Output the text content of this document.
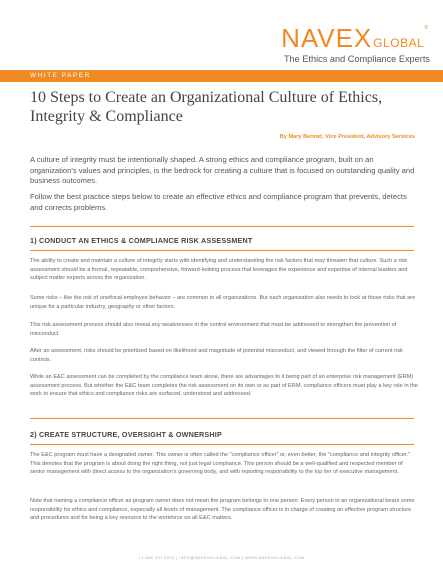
NAVEX GLOBAL
®
The Ethics and Compliance Experts
WHITE PAPER
10 Steps to Create an Organizational Culture of Ethics, Integrity & Compliance
By Mary Bennet, Vice President, Advisory Services

A culture of integrity must be intentionally shaped. A strong ethics and compliance program, built on an organization's values and principles, is the bedrock for creating a culture that is focused on outstanding quality and business outcomes.

Follow the best practice steps below to create an effective ethics and compliance program that prevents, detects and corrects problems.

1) CONDUCT AN ETHICS & COMPLIANCE RISK ASSESSMENT

The ability to create and maintain a culture of integrity starts with identifying and understanding the risk factors that may threaten that culture. Such a risk assessment should be a formal, repeatable, comprehensive, forward-looking process that leverages the experience and expertise of internal leaders and subject matter experts across the organization.

Some risks – like the risk of unethical employee behavior – are common to all organizations. But each organization also needs to look at those risks that are unique for a particular industry, geography or other factors.

This risk assessment process should also reveal any weaknesses in the control environment that must be addressed to strengthen the prevention of misconduct.

After an assessment, risks should be prioritized based on likelihood and magnitude of potential misconduct, and viewed through the filter of current risk controls.

While an E&C assessment can be completed by the compliance team alone, there are advantages to it being part of an enterprise risk management (ERM) assessment process. But whether the E&C team completes the risk assessment on its own or as part of ERM, compliance officers must play a key role in the work to ensure that ethics and compliance risks are surfaced, understood and addressed.

2) CREATE STRUCTURE, OVERSIGHT & OWNERSHIP

The E&C program must have a designated owner. This owner is often called the "compliance officer" or, even better, the "compliance and integrity officer." This denotes that the program is about doing the right thing, not just legal compliance. This person should be a well-qualified and respected member of senior management with direct access to the organization's governing body, and with reporting responsibility to the top tier of executive management.

Note that naming a compliance officer as program owner does not mean the program belongs to one person. Every person in an organizational bears some responsibility for ethics and compliance, especially all levels of management. The compliance officer is in charge of creating an effective program structure and procedures and for being a key resource to the workforce on all E&C matters.

+1 866 297 0224 | INFO@NAVEXGLOBAL.COM | WWW.NAVEXGLOBAL.COM
